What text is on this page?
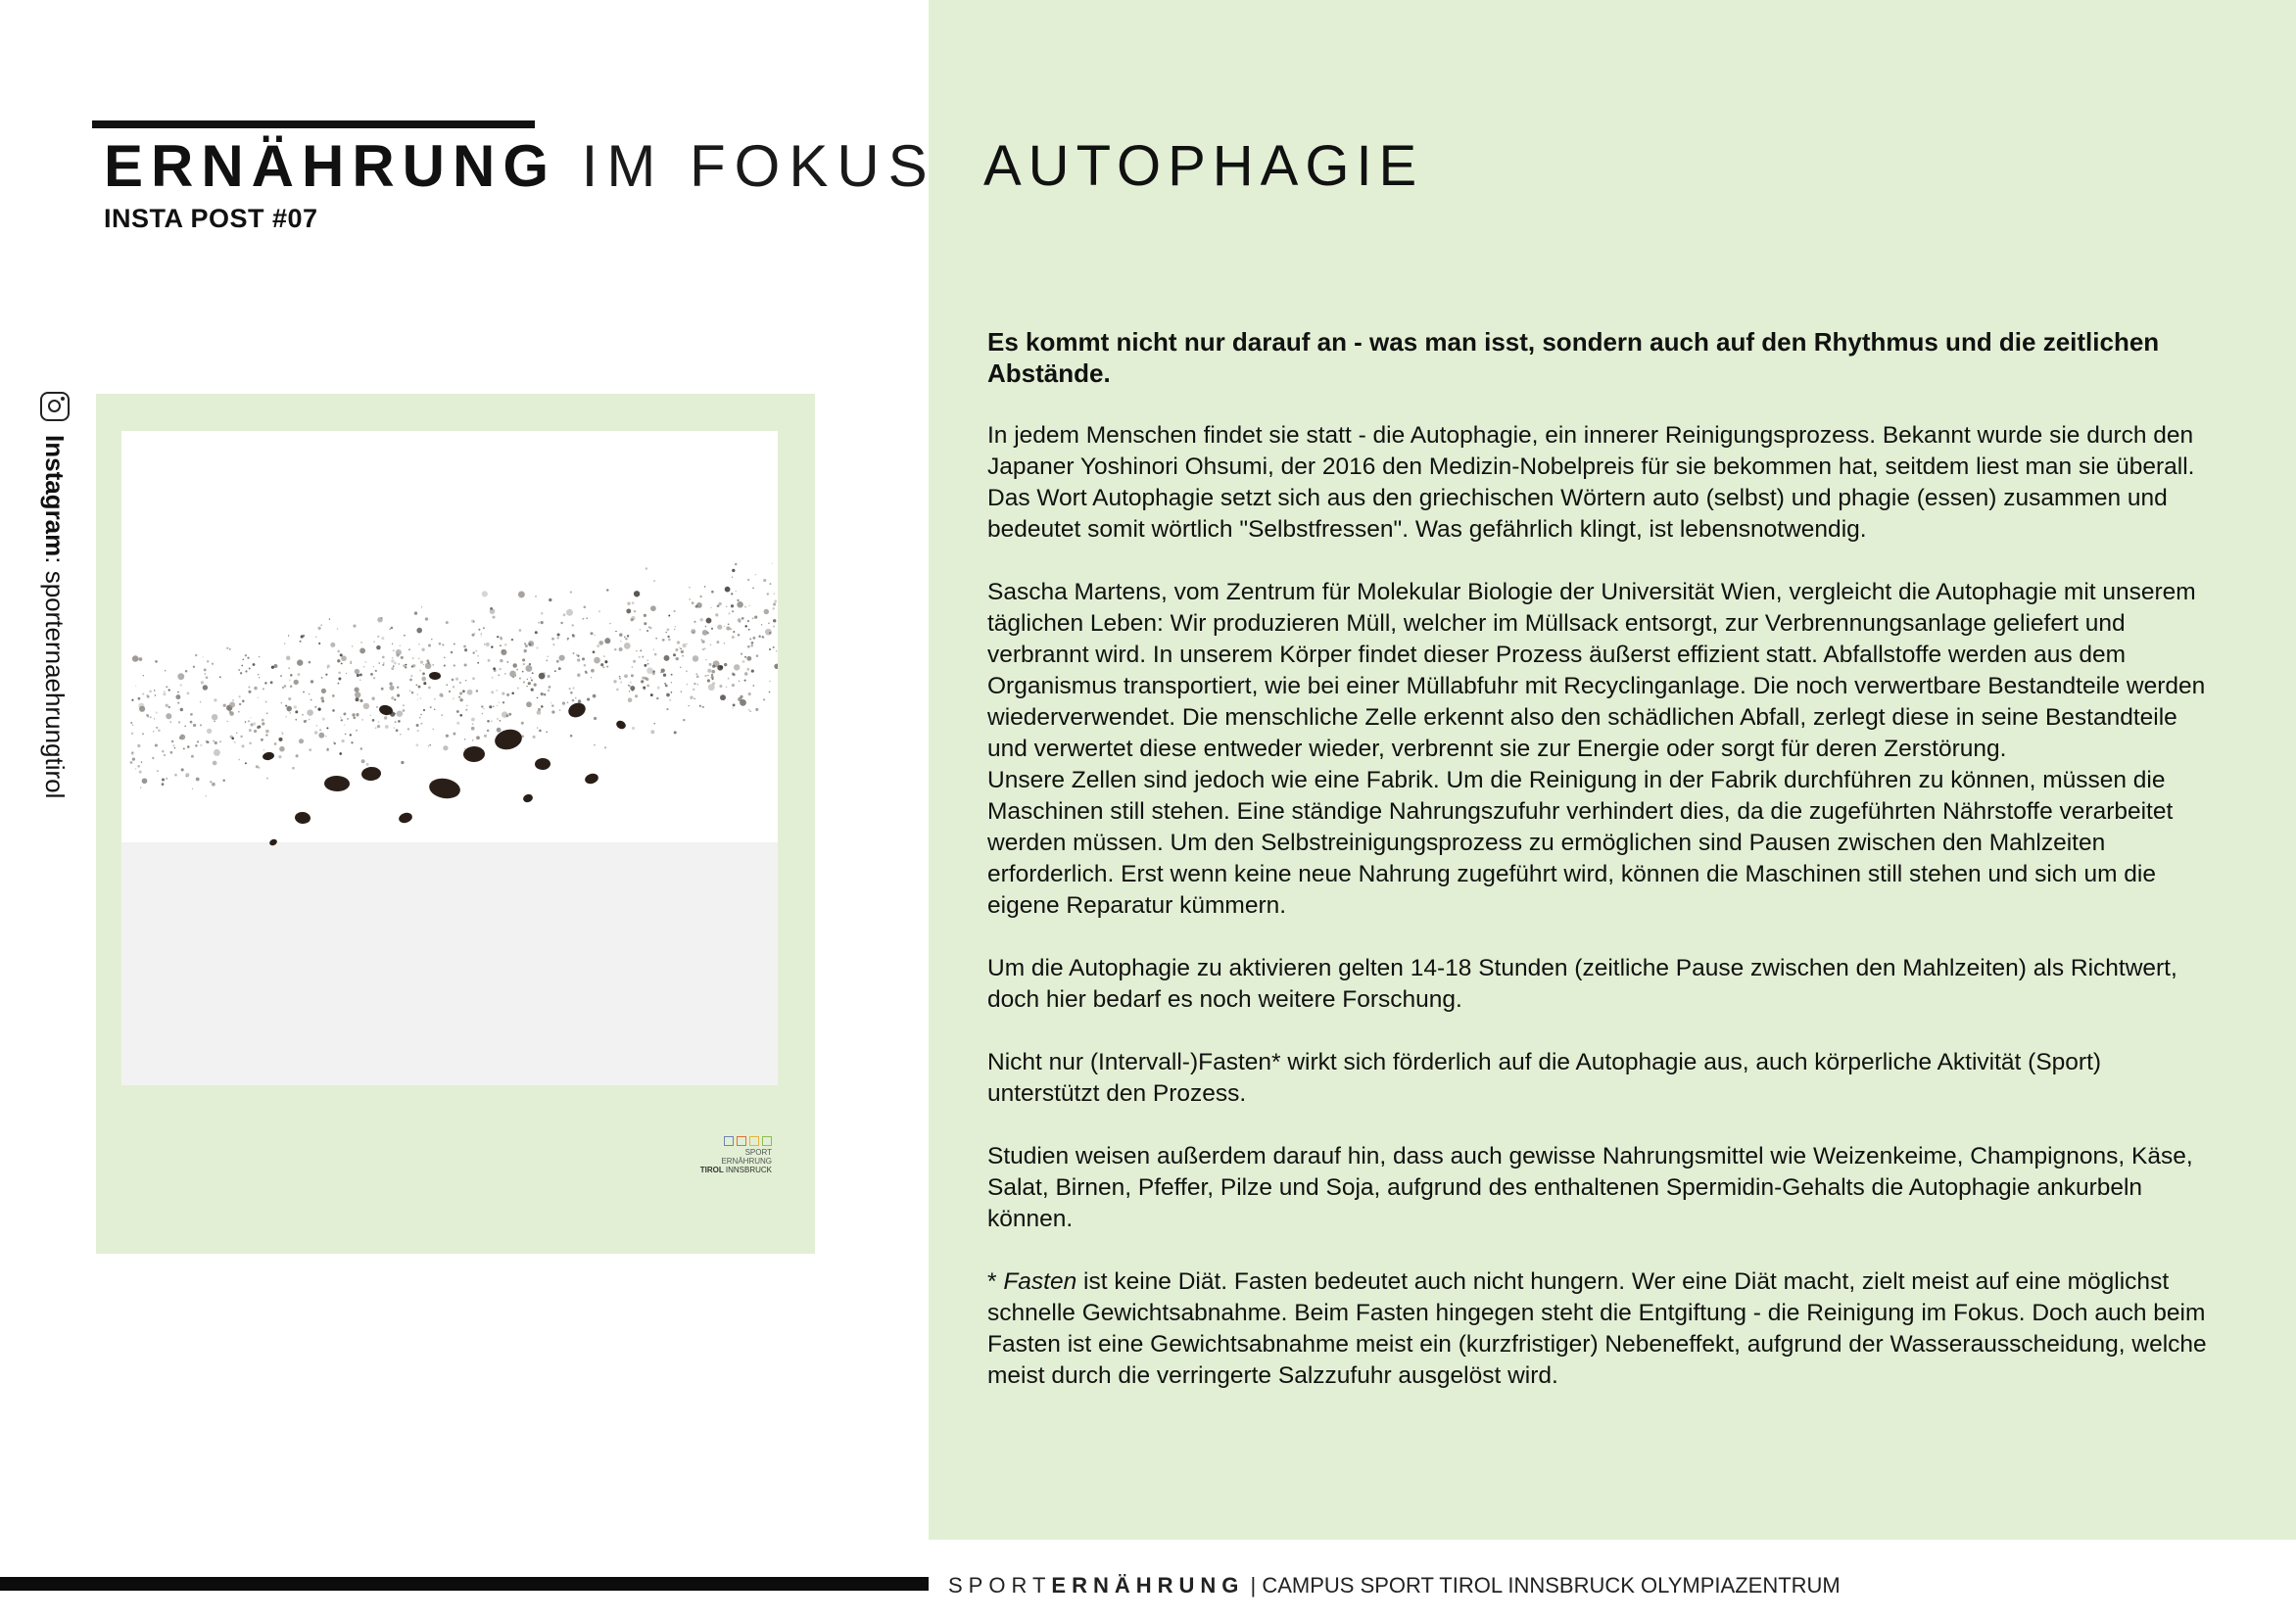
ERNÄHRUNG IM FOKUS
INSTA POST #07
Instagram: sporternaehrungtirol
SPORT
ERNÄHRUNG
TIROL INNSBRUCK
AUTOPHAGIE

Es kommt nicht nur darauf an - was man isst, sondern auch auf den Rhythmus und die zeitlichen Abstände.

In jedem Menschen findet sie statt - die Autophagie, ein innerer Reinigungsprozess. Bekannt wurde sie durch den Japaner Yoshinori Ohsumi, der 2016 den Medizin-Nobelpreis für sie bekommen hat, seitdem liest man sie überall. Das Wort Autophagie setzt sich aus den griechischen Wörtern auto (selbst) und phagie (essen) zusammen und bedeutet somit wörtlich "Selbstfressen". Was gefährlich klingt, ist lebensnotwendig.

Sascha Martens, vom Zentrum für Molekular Biologie der Universität Wien, vergleicht die Autophagie mit unserem täglichen Leben: Wir produzieren Müll, welcher im Müllsack entsorgt, zur Verbrennungsanlage geliefert und verbrannt wird. In unserem Körper findet dieser Prozess äußerst effizient statt. Abfallstoffe werden aus dem Organismus transportiert, wie bei einer Müllabfuhr mit Recyclinganlage. Die noch verwertbare Bestandteile werden wiederverwendet. Die menschliche Zelle erkennt also den schädlichen Abfall, zerlegt diese in seine Bestandteile und verwertet diese entweder wieder, verbrennt sie zur Energie oder sorgt für deren Zerstörung.

Unsere Zellen sind jedoch wie eine Fabrik. Um die Reinigung in der Fabrik durchführen zu können, müssen die Maschinen still stehen. Eine ständige Nahrungszufuhr verhindert dies, da die zugeführten Nährstoffe verarbeitet werden müssen. Um den Selbstreinigungsprozess zu ermöglichen sind Pausen zwischen den Mahlzeiten erforderlich. Erst wenn keine neue Nahrung zugeführt wird, können die Maschinen still stehen und sich um die eigene Reparatur kümmern.

Um die Autophagie zu aktivieren gelten 14-18 Stunden (zeitliche Pause zwischen den Mahlzeiten) als Richtwert, doch hier bedarf es noch weitere Forschung.

Nicht nur (Intervall-)Fasten* wirkt sich förderlich auf die Autophagie aus, auch körperliche Aktivität (Sport) unterstützt den Prozess.

Studien weisen außerdem darauf hin, dass auch gewisse Nahrungsmittel wie Weizenkeime, Champignons, Käse, Salat, Birnen, Pfeffer, Pilze und Soja, aufgrund des enthaltenen Spermidin-Gehalts die Autophagie ankurbeln können.

* Fasten ist keine Diät. Fasten bedeutet auch nicht hungern. Wer eine Diät macht, zielt meist auf eine möglichst schnelle Gewichtsabnahme. Beim Fasten hingegen steht die Entgiftung - die Reinigung im Fokus. Doch auch beim Fasten ist eine Gewichtsabnahme meist ein (kurzfristiger) Nebeneffekt, aufgrund der Wasserausscheidung, welche meist durch die verringerte Salzzufuhr ausgelöst wird.

SPORTERNÄHRUNG | CAMPUS SPORT TIROL INNSBRUCK OLYMPIAZENTRUM
